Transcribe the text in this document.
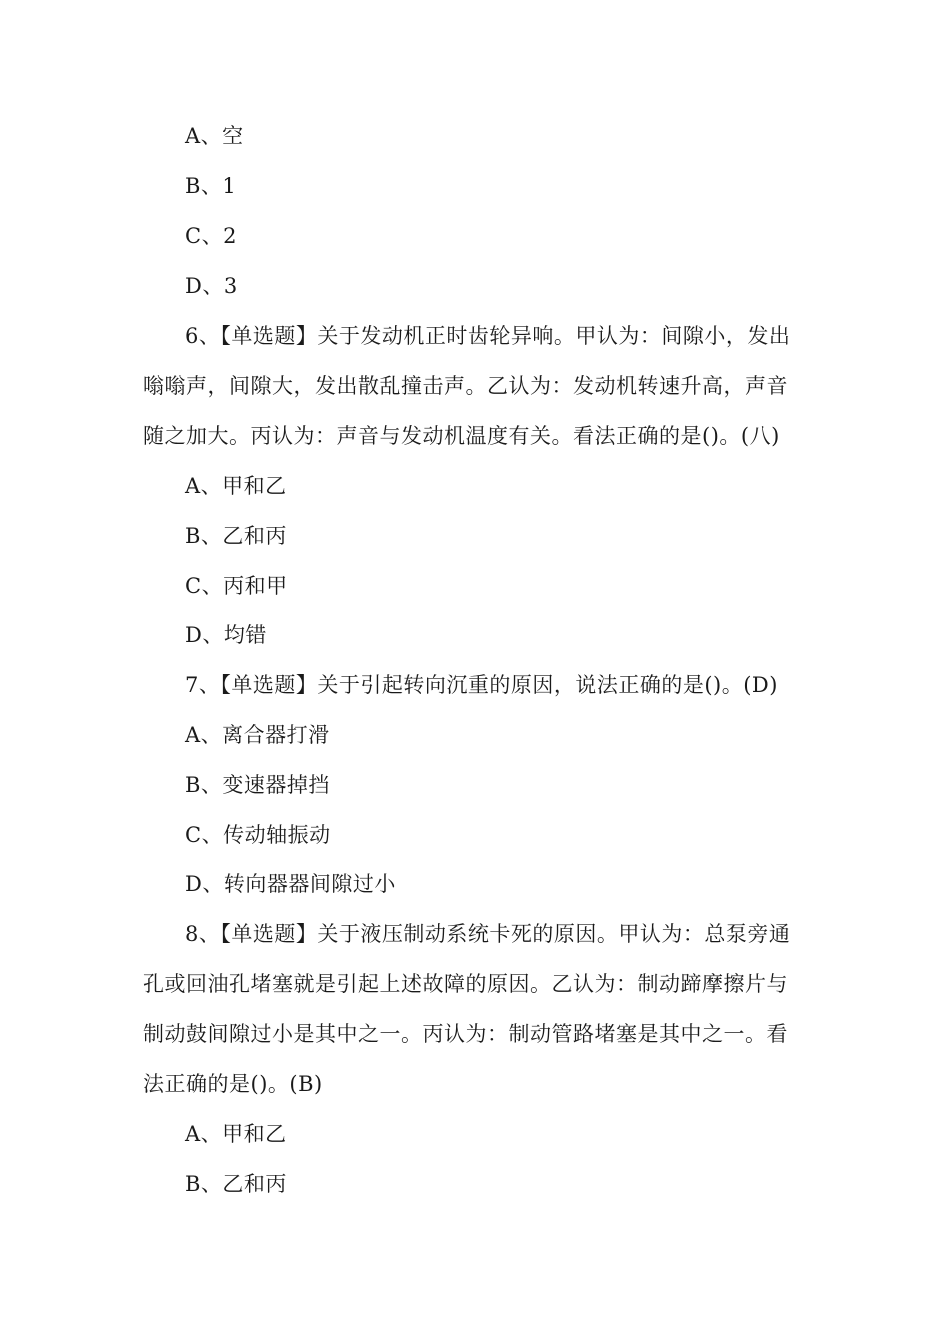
A、空
B、1
C、2
D、3
6、【单选题】关于发动机正时齿轮异响。甲认为：间隙小，发出
嗡嗡声，间隙大，发出散乱撞击声。乙认为：发动机转速升高，声音
随之加大。丙认为：声音与发动机温度有关。看法正确的是()。(八)
A、甲和乙
B、乙和丙
C、丙和甲
D、均错
7、【单选题】关于引起转向沉重的原因，说法正确的是()。(D)
A、离合器打滑
B、变速器掉挡
C、传动轴振动
D、转向器器间隙过小
8、【单选题】关于液压制动系统卡死的原因。甲认为：总泵旁通
孔或回油孔堵塞就是引起上述故障的原因。乙认为：制动蹄摩擦片与
制动鼓间隙过小是其中之一。丙认为：制动管路堵塞是其中之一。看
法正确的是()。(B)
A、甲和乙
B、乙和丙
